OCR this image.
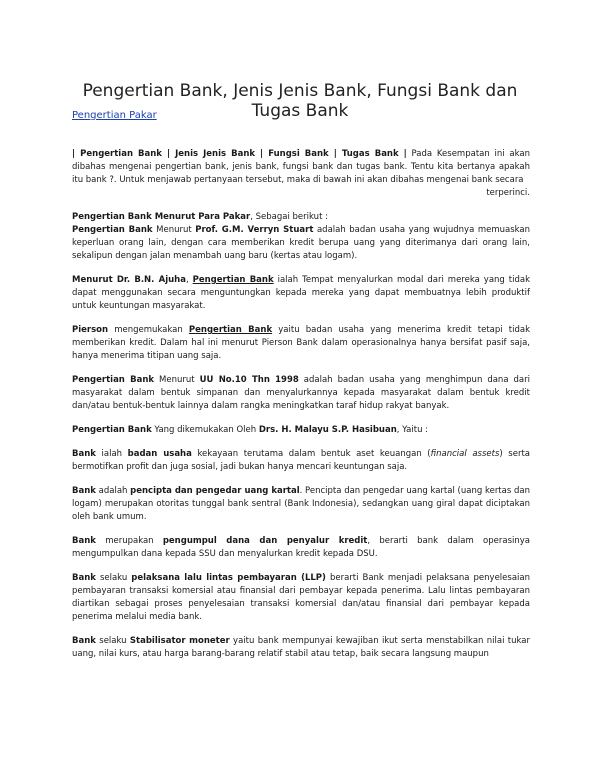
Pengertian Bank, Jenis Jenis Bank, Fungsi Bank dan Tugas Bank
Pengertian Pakar

| Pengertian Bank | Jenis Jenis Bank | Fungsi Bank | Tugas Bank | Pada Kesempatan ini akan dibahas mengenai pengertian bank, jenis bank, fungsi bank dan tugas bank. Tentu kita bertanya apakah itu bank ?. Untuk menjawab pertanyaan tersebut, maka di bawah ini akan dibahas mengenai bank secara
terperinci.

Pengertian Bank Menurut Para Pakar, Sebagai berikut :

Pengertian Bank Menurut Prof. G.M. Verryn Stuart adalah badan usaha yang wujudnya memuaskan keperluan orang lain, dengan cara memberikan kredit berupa uang yang diterimanya dari orang lain, sekalipun dengan jalan menambah uang baru (kertas atau logam).

Menurut Dr. B.N. Ajuha, Pengertian Bank ialah Tempat menyalurkan modal dari mereka yang tidak dapat menggunakan secara menguntungkan kepada mereka yang dapat membuatnya lebih produktif untuk keuntungan masyarakat.

Pierson mengemukakan Pengertian Bank yaitu badan usaha yang menerima kredit tetapi tidak memberikan kredit. Dalam hal ini menurut Pierson Bank dalam operasionalnya hanya bersifat pasif saja, hanya menerima titipan uang saja.

Pengertian Bank Menurut UU No.10 Thn 1998 adalah badan usaha yang menghimpun dana dari masyarakat dalam bentuk simpanan dan menyalurkannya kepada masyarakat dalam bentuk kredit dan/atau bentuk-bentuk lainnya dalam rangka meningkatkan taraf hidup rakyat banyak.

Pengertian Bank Yang dikemukakan Oleh Drs. H. Malayu S.P. Hasibuan, Yaitu :

Bank ialah badan usaha kekayaan terutama dalam bentuk aset keuangan (financial assets) serta bermotifkan profit dan juga sosial, jadi bukan hanya mencari keuntungan saja.

Bank adalah pencipta dan pengedar uang kartal. Pencipta dan pengedar uang kartal (uang kertas dan logam) merupakan otoritas tunggal bank sentral (Bank Indonesia), sedangkan uang giral dapat diciptakan oleh bank umum.

Bank merupakan pengumpul dana dan penyalur kredit, berarti bank dalam operasinya mengumpulkan dana kepada SSU dan menyalurkan kredit kepada DSU.

Bank selaku pelaksana lalu lintas pembayaran (LLP) berarti Bank menjadi pelaksana penyelesaian pembayaran transaksi komersial atau finansial dari pembayar kepada penerima. Lalu lintas pembayaran diartikan sebagai proses penyelesaian transaksi komersial dan/atau finansial dari pembayar kepada penerima melalui media bank.

Bank selaku Stabilisator moneter yaitu bank mempunyai kewajiban ikut serta menstabilkan nilai tukar uang, nilai kurs, atau harga barang-barang relatif stabil atau tetap, baik secara langsung maupun
